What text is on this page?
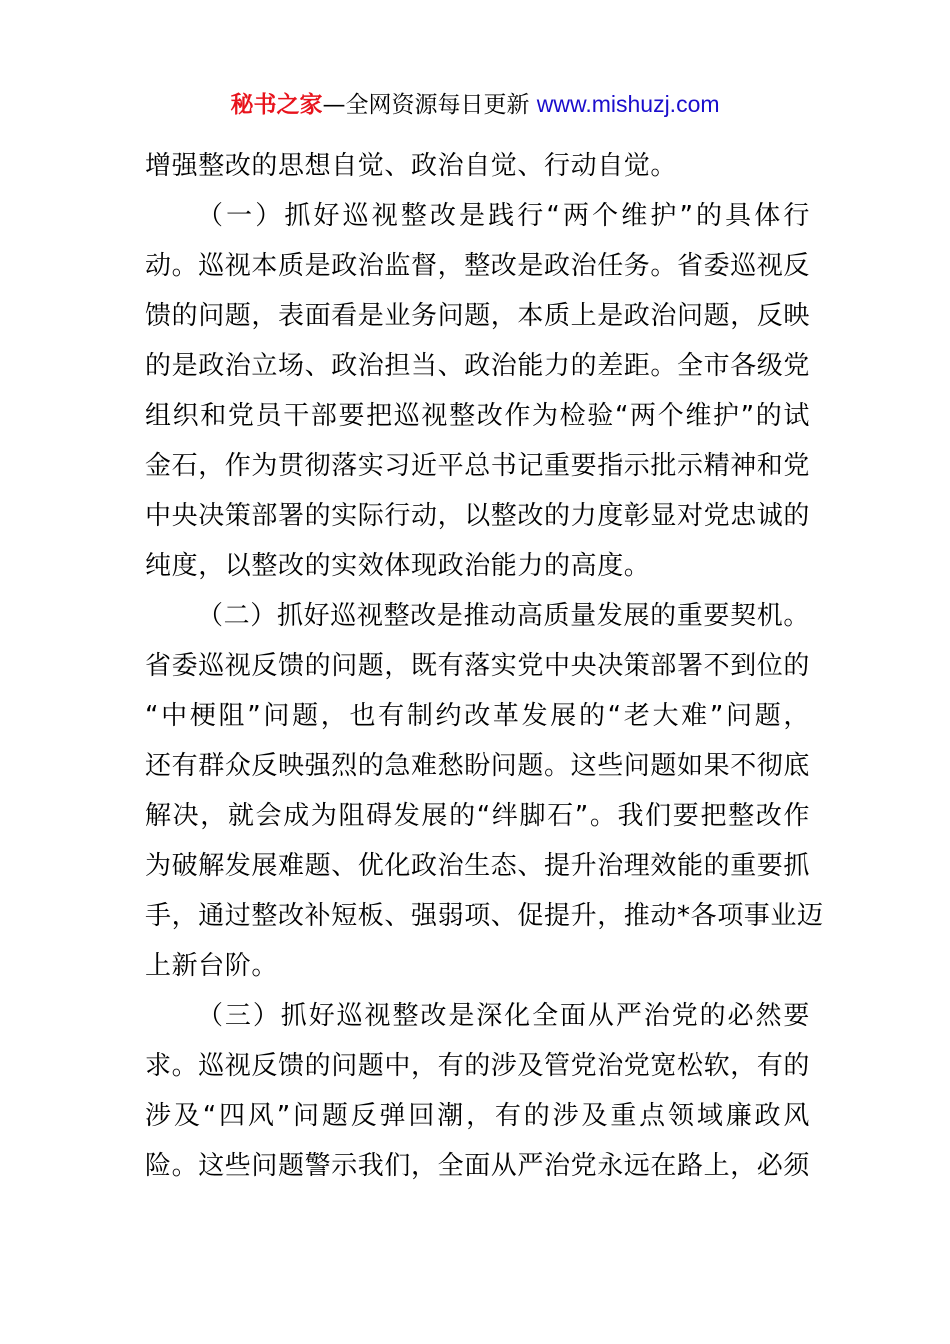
秘书之家—全网资源每日更新 www.mishuzj.com
增强整改的思想自觉、政治自觉、行动自觉。
（一）抓好巡视整改是践行“两个维护”的具体行
动。巡视本质是政治监督，整改是政治任务。省委巡视反
馈的问题，表面看是业务问题，本质上是政治问题，反映
的是政治立场、政治担当、政治能力的差距。全市各级党
组织和党员干部要把巡视整改作为检验“两个维护”的试
金石，作为贯彻落实习近平总书记重要指示批示精神和党
中央决策部署的实际行动，以整改的力度彰显对党忠诚的
纯度，以整改的实效体现政治能力的高度。
（二）抓好巡视整改是推动高质量发展的重要契机。
省委巡视反馈的问题，既有落实党中央决策部署不到位的
“中梗阻”问题，也有制约改革发展的“老大难”问题，
还有群众反映强烈的急难愁盼问题。这些问题如果不彻底
解决，就会成为阻碍发展的“绊脚石”。我们要把整改作
为破解发展难题、优化政治生态、提升治理效能的重要抓
手，通过整改补短板、强弱项、促提升，推动*各项事业迈
上新台阶。
（三）抓好巡视整改是深化全面从严治党的必然要
求。巡视反馈的问题中，有的涉及管党治党宽松软，有的
涉及“四风”问题反弹回潮，有的涉及重点领域廉政风
险。这些问题警示我们，全面从严治党永远在路上，必须
